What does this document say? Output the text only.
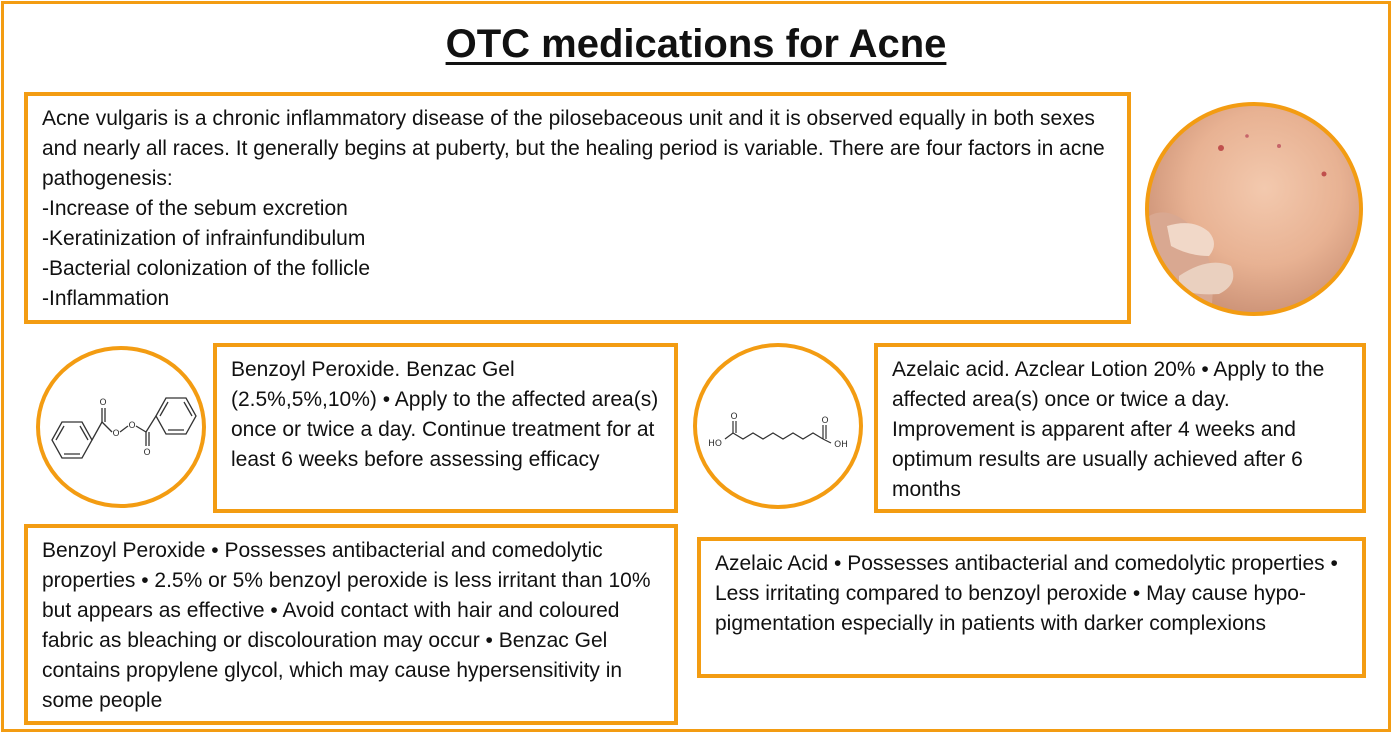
OTC medications for Acne

Acne vulgaris is a chronic inflammatory disease of the pilosebaceous unit and it is observed equally in both sexes and nearly all races. It generally begins at puberty, but the healing period is variable. There are four factors in acne pathogenesis:

-Increase of the sebum excretion

-Keratinization of infrainfundibulum

-Bacterial colonization of the follicle

-Inflammation

O
O
O
O

Benzoyl Peroxide. Benzac Gel (2.5%,5%,10%) • Apply to the affected area(s) once or twice a day. Continue treatment for at least 6 weeks before assessing efficacy

HO
O	O
OH

Azelaic acid. Azclear Lotion 20% • Apply to the affected area(s) once or twice a day. Improvement is apparent after 4 weeks and optimum results are usually achieved after 6 months

Benzoyl Peroxide • Possesses antibacterial and comedolytic properties • 2.5% or 5% benzoyl peroxide is less irritant than 10% but appears as effective • Avoid contact with hair and coloured fabric as bleaching or discolouration may occur • Benzac Gel contains propylene glycol, which may cause hypersensitivity in some people

Azelaic Acid • Possesses antibacterial and comedolytic properties • Less irritating compared to benzoyl peroxide • May cause hypo-pigmentation especially in patients with darker complexions
